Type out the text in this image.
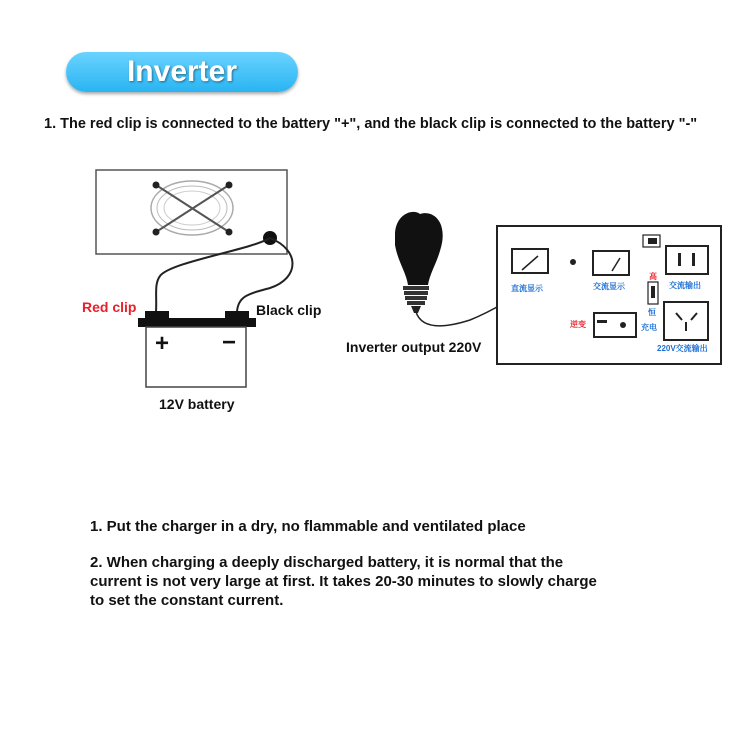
Inverter
1. The red clip is connected to the battery "+", and the black clip is connected to the battery "-"
+ −
Red clip	Black clip
12V battery
直流显示	交流显示	交流输出
高
恒
充电
逆变
220V交流输出
Inverter output 220V

1. Put the charger in a dry, no flammable and ventilated place

2. When charging a deeply discharged battery, it is normal that the current is not very large at first. It takes 20-30 minutes to slowly charge to set the constant current.
